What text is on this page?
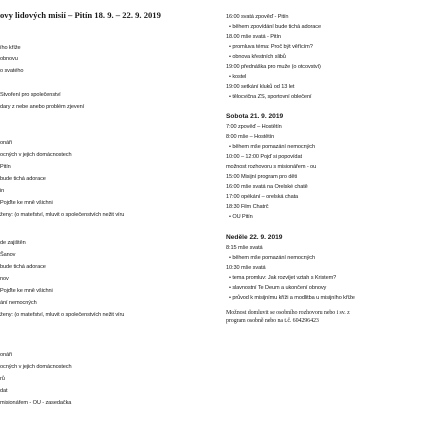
ovy lidových misií – Pitín 18. 9. – 22. 9. 2019
ího kříže
obnovu
o svatého
Stvoření pro společenství
dary z nebe anebo problém zjevení
onáři
ocných v jejich domácnostech
Pitín
bude tichá adorace
in
Pojďte ke mně všichni
ženy: (o mateřství, mluvit o společenstvích nežit víru
de zajištěn
Šanov
bude tichá adorace
nov
Pojďte ke mně všichni
ání nemocných
ženy: (o mateřství, mluvit o společenstvích nežit víru
onáři
ocných v jejich domácnostech
rů
dat
misionářem - OU - zasedačka
16:00 svatá zpověď - Pitín
• během zpovídání bude tichá adorace
18.00 mše svatá - Pitín
• promluva téma: Proč být věřícím?
• obnova křestních slibů
19:00 přednáška pro muže (o otcovství)
• kostel
19:00 setkání kluků od 13 let
• tělocvična ZS, sportovní oblečení
Sobota 21. 9. 2019
7:00 zpověď – Hostětín
8:00 mše – Hostětín
• během mše pomazání nemocných
10:00 – 12:00 Pojď si popovídat
možnost rozhovoru s misionářem - ou
15:00 Misijní program pro děti
16:00 mše svatá na Orelské chatě
17:00 opékání – orelská chata
18:30 Film Chatrč
• OU Pitín
Neděle 22. 9. 2019
8:15 mše svatá
• během mše pomazání nemocných
10:30 mše svatá
• tema promluv: Jak rozvíjet vztah s Kristem?
• slavnostní Te Deum a ukončení obnovy
• průvod k misijnímu kříži a modlitba u misijního kříže
Možnost domluvit se osobního rozhovoru nebo i sv. z
program osobně nebo na t.č. 604296423
